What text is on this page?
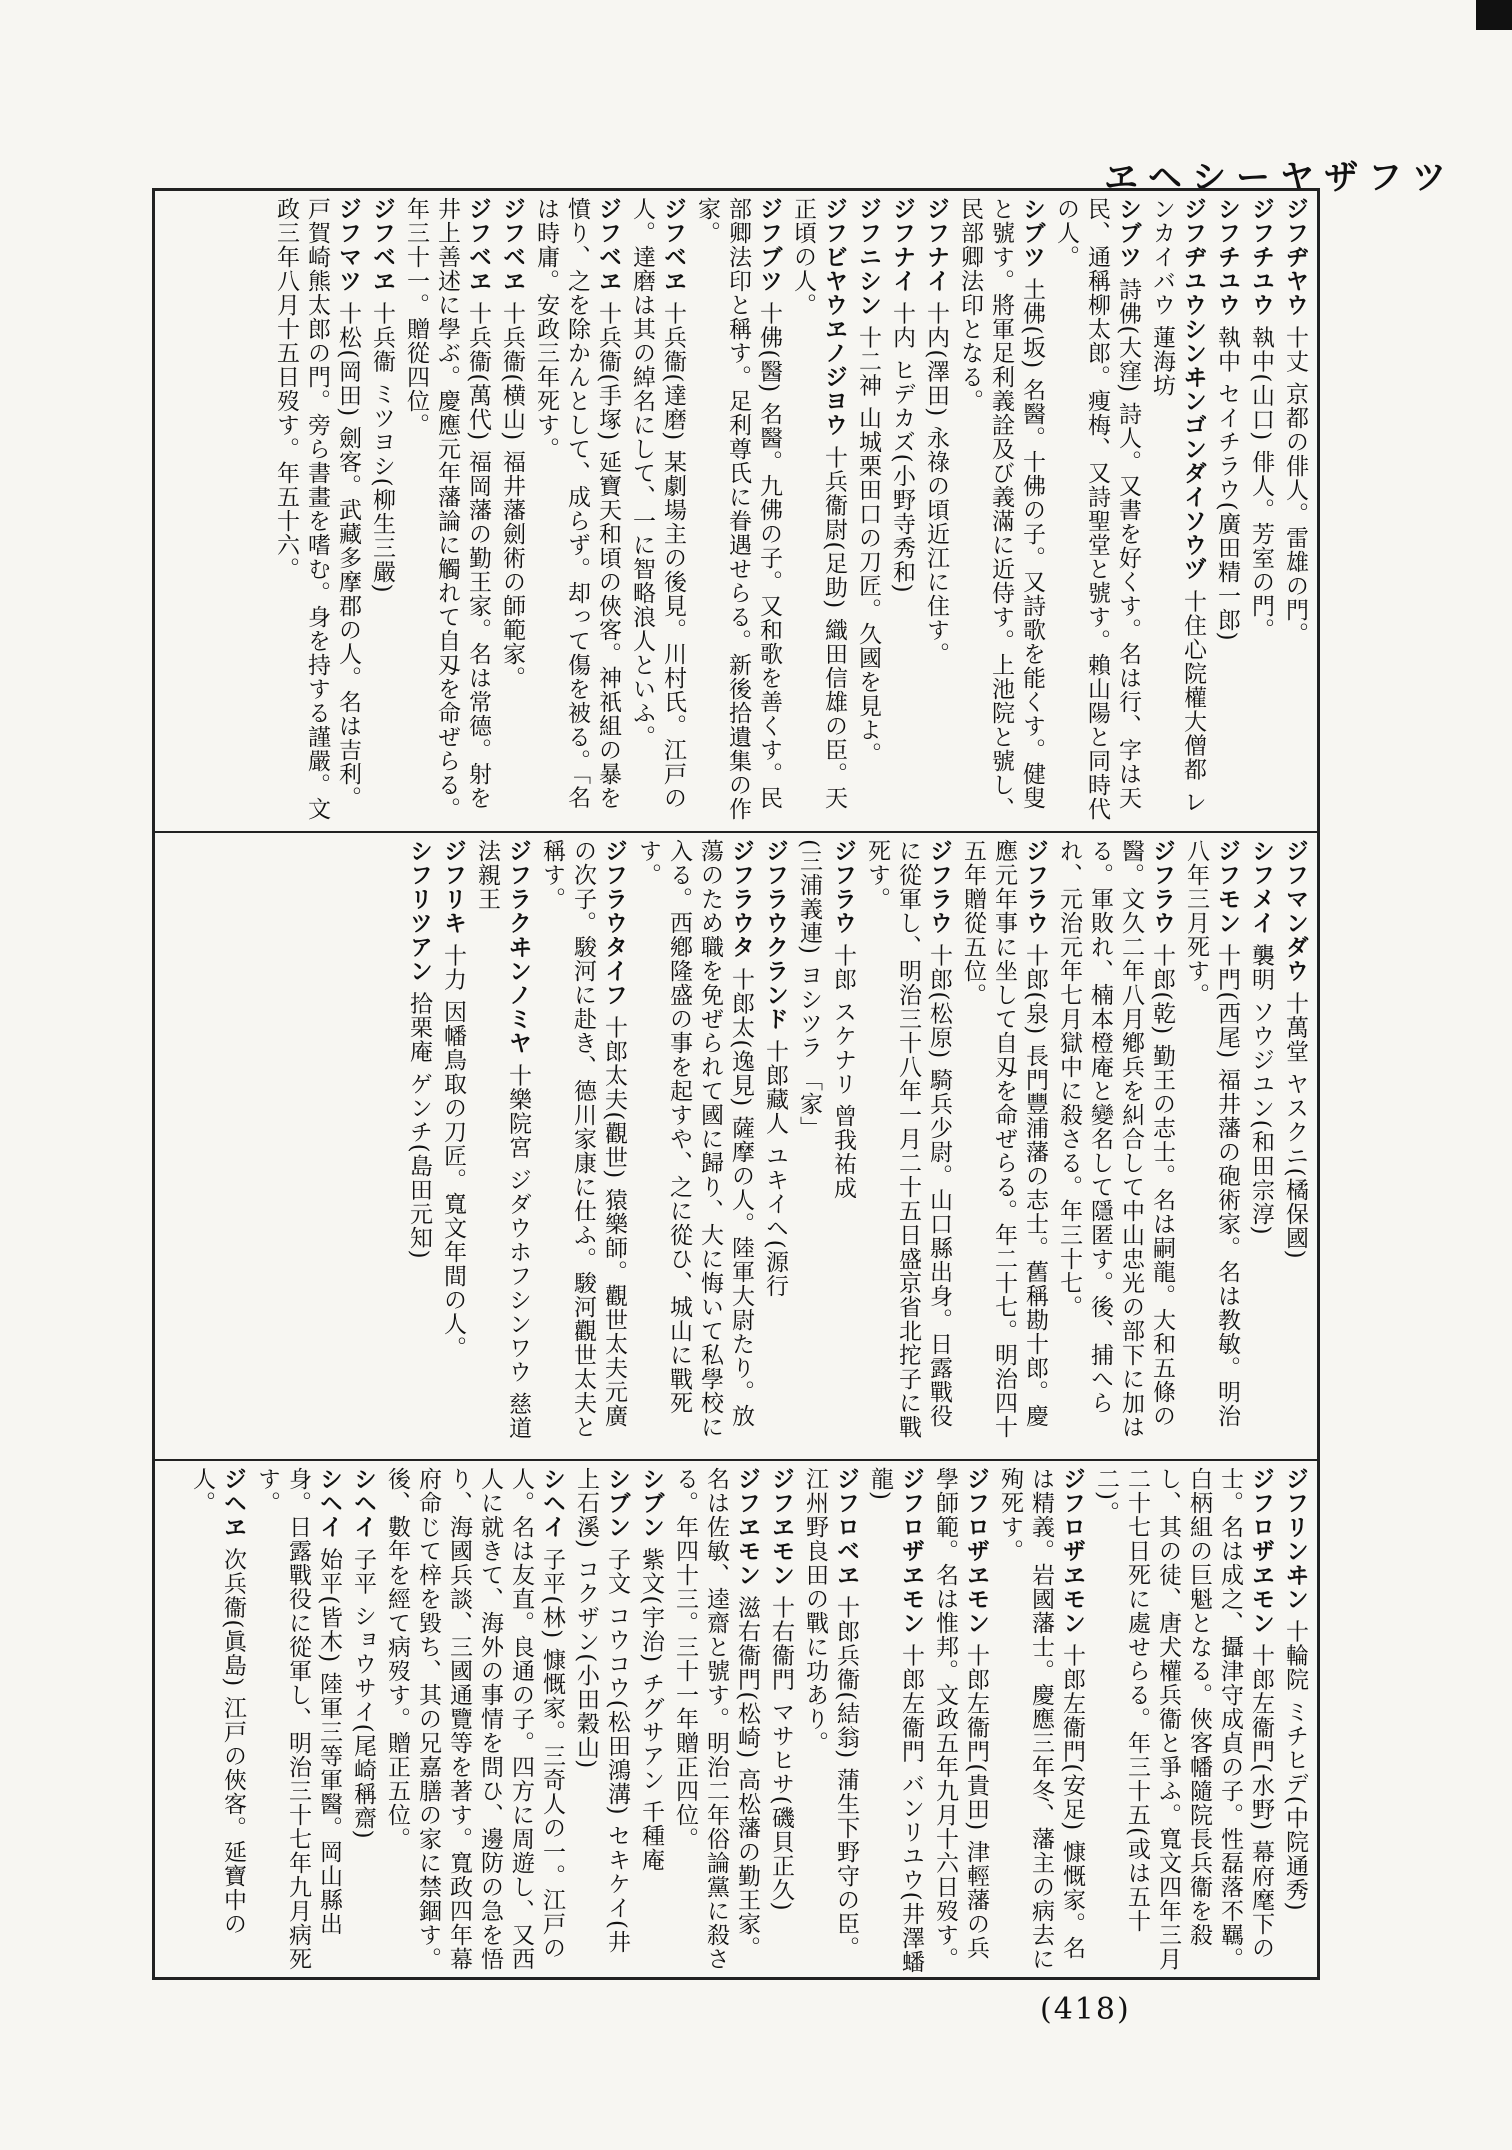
ヱヘシーヤザフツ
ジフヂヤウ 十丈 京都の俳人。雷雄の門。
ジフチユウ 執中(山口) 俳人。芳室の門。
シフチユウ 執中 セイチラウ(廣田精一郎)
ジフヂユウシンヰンゴンダイソウヅ 十住心院權大僧都 レンカイバウ 蓮海坊
シブツ 詩佛(大窪) 詩人。又書を好くす。名は行、字は天民、通稱柳太郎。痩梅、又詩聖堂と號す。賴山陽と同時代の人。
シブツ 土佛(坂) 名醫。十佛の子。又詩歌を能くす。健叟と號す。將軍足利義詮及び義滿に近侍す。上池院と號し、民部卿法印となる。
ジフナイ 十内(澤田) 永祿の頃近江に住す。
ジフナイ 十内 ヒデカズ(小野寺秀和)
ジフニシン 十二神 山城栗田口の刀匠。久國を見よ。
ジフビヤウヱノジヨウ 十兵衞尉(足助) 織田信雄の臣。天正頃の人。
ジフブツ 十佛(醫) 名醫。九佛の子。又和歌を善くす。民部卿法印と稱す。足利尊氏に眷遇せらる。新後拾遺集の作家。
ジフベヱ 十兵衞(達磨) 某劇場主の後見。川村氏。江戸の人。達磨は其の綽名にして、一に智略浪人といふ。
ジフベヱ 十兵衞(手塚) 延寶天和頃の俠客。神祇組の暴を憤り、之を除かんとして、成らず。却って傷を被る。「名は時庸。安政三年死す。
ジフベヱ 十兵衞(横山) 福井藩劍術の師範家。
ジフベヱ 十兵衞(萬代) 福岡藩の勤王家。名は常德。射を井上善述に學ぶ。慶應元年藩論に觸れて自刄を命ぜらる。年三十一。贈從四位。
ジフベヱ 十兵衞 ミツヨシ(柳生三嚴)
ジフマツ 十松(岡田) 劍客。武藏多摩郡の人。名は吉利。戸賀崎熊太郎の門。旁ら書畫を嗜む。身を持する謹嚴。文政三年八月十五日歿す。年五十六。
ジフマンダウ 十萬堂 ヤスクニ(橘保國)
シフメイ 襲明 ソウジユン(和田宗淳)
ジフモン 十門(西尾) 福井藩の砲術家。名は教敏。明治八年三月死す。
ジフラウ 十郎(乾) 勤王の志士。名は嗣龍。大和五條の醫。文久二年八月鄕兵を糾合して中山忠光の部下に加はる。軍敗れ、楠本橙庵と變名して隱匿す。後、捕へられ、元治元年七月獄中に殺さる。年三十七。
ジフラウ 十郎(泉) 長門豐浦藩の志士。舊稱勘十郎。慶應元年事に坐して自刄を命ぜらる。年二十七。明治四十五年贈從五位。
ジフラウ 十郎(松原) 騎兵少尉。山口縣出身。日露戰役に從軍し、明治三十八年一月二十五日盛京省北拕子に戰死す。
ジフラウ 十郎 スケナリ 曾我祐成
(三浦義連) ヨシツラ 「家」
ジフラウクランド 十郎藏人 ユキイヘ(源行
ジフラウタ 十郎太(逸見) 薩摩の人。陸軍大尉たり。放蕩のため職を免ぜられて國に歸り、大に悔いて私學校に入る。西鄕隆盛の事を起すや、之に從ひ、城山に戰死す。
ジフラウタイフ 十郎太夫(觀世) 猿樂師。觀世太夫元廣の次子。駿河に赴き、德川家康に仕ふ。駿河觀世太夫と稱す。
ジフラクヰンノミヤ 十樂院宮 ジダウホフシンワウ 慈道法親王
ジフリキ 十力 因幡鳥取の刀匠。寬文年間の人。
シフリツアン 拾栗庵 ゲンチ(島田元知)
ジフリンヰン 十輪院 ミチヒデ(中院通秀)
ジフロザヱモン 十郎左衞門(水野) 幕府麾下の士。名は成之、攝津守成貞の子。性磊落不羈。白柄組の巨魁となる。俠客幡隨院長兵衞を殺し、其の徒、唐犬權兵衞と爭ふ。寬文四年三月二十七日死に處せらる。年三十五(或は五十二)。
ジフロザヱモン 十郎左衞門(安足) 慷慨家。名は精義。岩國藩士。慶應三年冬、藩主の病去に殉死す。
ジフロザヱモン 十郎左衞門(貴田) 津輕藩の兵學師範。名は惟邦。文政五年九月十六日歿す。
ジフロザヱモン 十郎左衞門 バンリユウ(井澤蟠龍)
ジフロベヱ 十郎兵衞(結翁) 蒲生下野守の臣。江州野良田の戰に功あり。
ジフヱモン 十右衞門 マサヒサ(磯貝正久)
ジフヱモン 滋右衞門(松崎) 高松藩の勤王家。名は佐敏、逵齋と號す。明治二年俗論黨に殺さる。年四十三。三十一年贈正四位。
シブン 紫文(宇治) チグサアン 千種庵
シブン 子文 コウコウ(松田鴻溝) セキケイ(井上石溪) コクザン(小田穀山)
シヘイ 子平(林) 慷慨家。三奇人の一。江戸の人。名は友直。良通の子。四方に周遊し、又西人に就きて、海外の事情を問ひ、邊防の急を悟り、海國兵談、三國通覽等を著す。寬政四年幕府命じて梓を毀ち、其の兄嘉膳の家に禁錮す。後、數年を經て病歿す。贈正五位。
シヘイ 子平 ショウサイ(尾崎稱齋)
シヘイ 始平(皆木) 陸軍三等軍醫。岡山縣出身。日露戰役に從軍し、明治三十七年九月病死す。
ジヘヱ 次兵衞(眞島) 江戸の俠客。延寶中の人。
(418)
